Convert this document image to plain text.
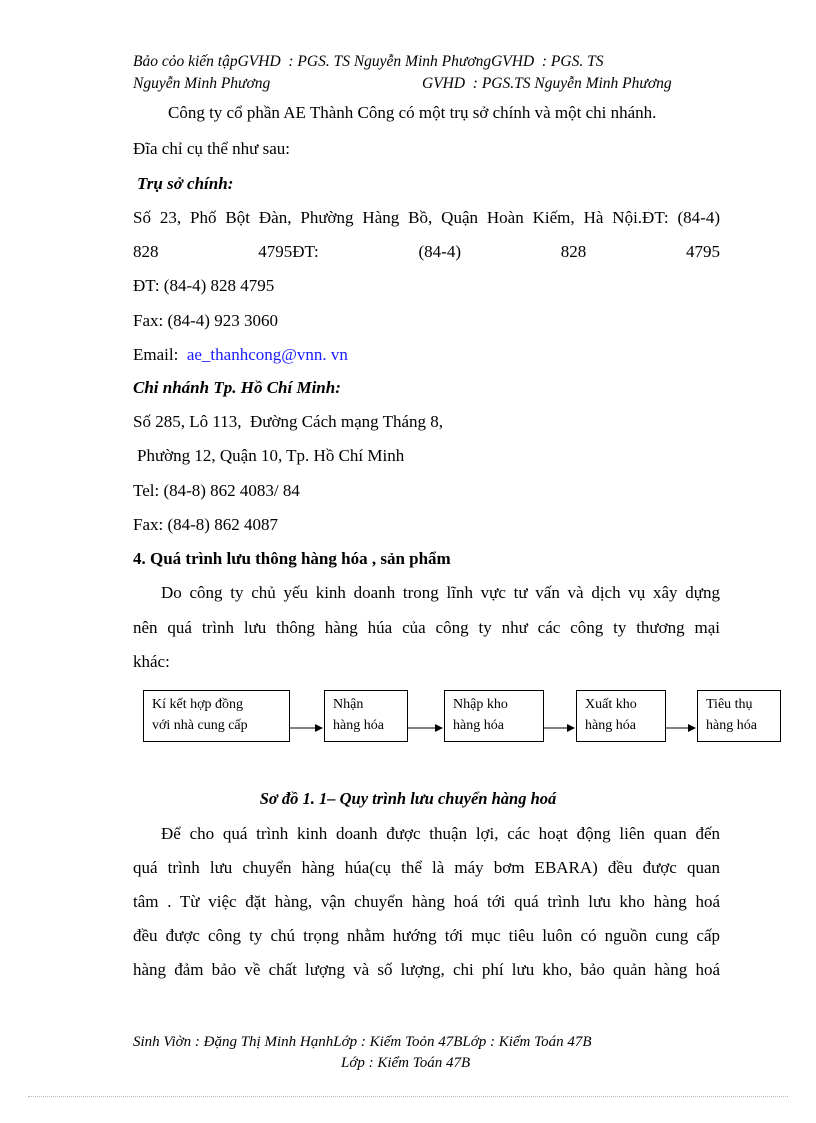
Bảo cỏo kiến tậpGVHD  : PGS. TS Nguyễn Minh PhươngGVHD  : PGS. TS
Nguyễn Minh Phương	GVHD  : PGS.TS Nguyễn Minh Phương
Công ty cổ phần AE Thành Công có một trụ sở chính và một chi nhánh.
Đĩa chỉ cụ thể như sau:
Trụ sở chính:
Số 23, Phố Bột Đàn, Phường Hàng Bồ, Quận Hoàn Kiếm, Hà Nội.ĐT: (84-4)
828	4795ĐT:	(84-4)	828	4795
ĐT: (84-4) 828 4795
Fax: (84-4) 923 3060
Email: ae_thanhcong@vnn. vn
Chi nhánh Tp. Hồ Chí Minh:
Số 285, Lô 113,  Đường Cách mạng Tháng 8,
Phường 12, Quận 10, Tp. Hồ Chí Minh
Tel: (84-8) 862 4083/ 84
Fax: (84-8) 862 4087
4. Quá trình lưu thông hàng hóa , sản phẩm
Do công ty chủ yếu kinh doanh trong lĩnh vực tư vấn và dịch vụ xây dựng
nên quá trình lưu thông hàng húa của công ty như các công ty thương mại
khác:
Kí kết hợp đồng
với nhà cung cấp
Nhận
hàng hóa
Nhập kho
hàng hóa
Xuất kho
hàng hóa
Tiêu thụ
hàng hóa
Sơ đồ 1. 1– Quy trình lưu chuyển hàng hoá
Để cho quá trình kinh doanh được thuận lợi, các hoạt động liên quan đến
quá trình lưu chuyển hàng húa(cụ thể là máy bơm EBARA) đều được quan
tâm . Từ việc đặt hàng, vận chuyển hàng hoá tới quá trình lưu kho hàng hoá
đều được công ty chú trọng nhằm hướng tới mục tiêu luôn có nguồn cung cấp
hàng đảm bảo về chất lượng và số lượng, chi phí lưu kho, bảo quản hàng hoá
Sinh Viờn : Đặng Thị Minh HạnhLớp : Kiểm Toỏn 47BLớp : Kiểm Toán 47B
Lớp : Kiểm Toán 47B
